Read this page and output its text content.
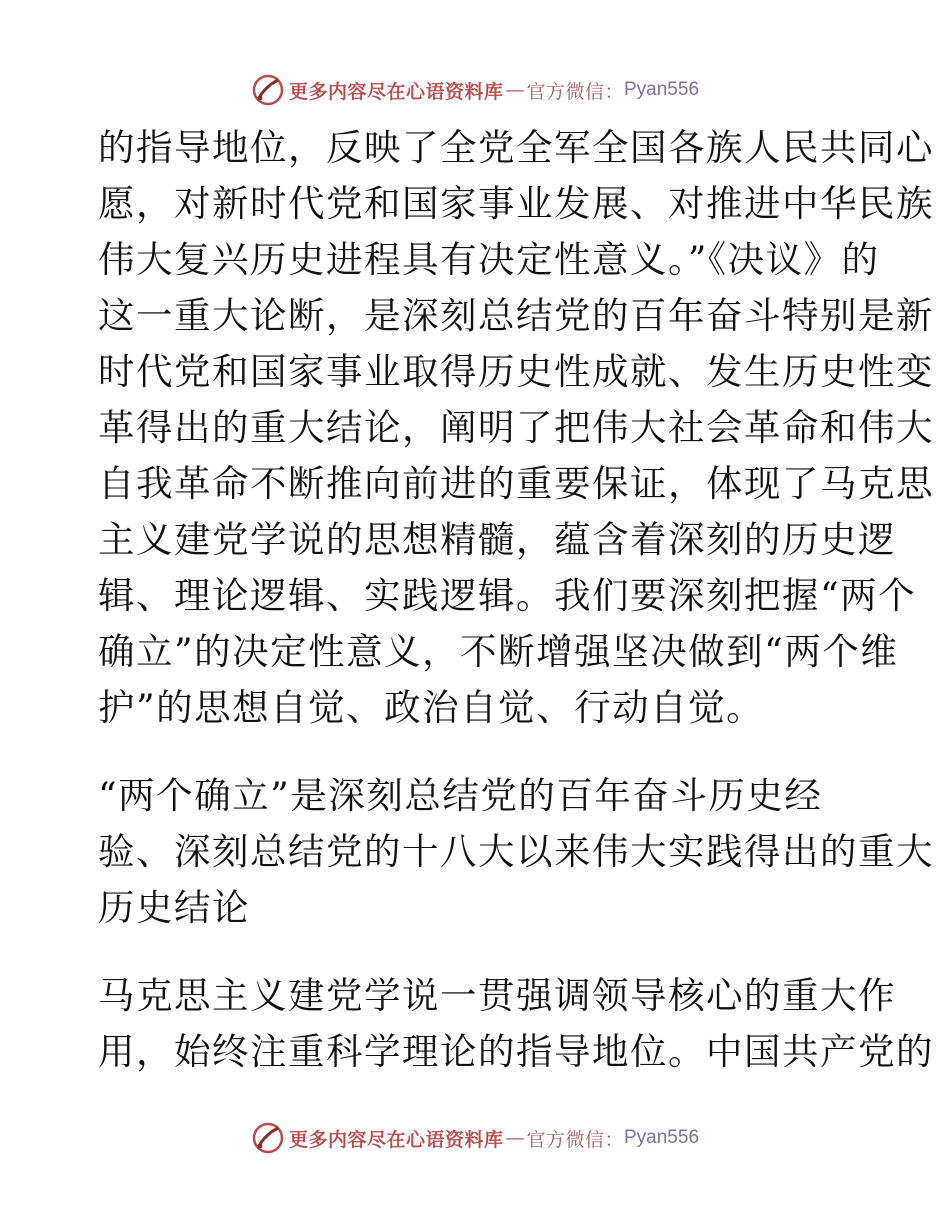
更多内容尽在心语资料库 — 官方微信： Pyan556
的指导地位，反映了全党全军全国各族人民共同心
愿，对新时代党和国家事业发展、对推进中华民族
伟大复兴历史进程具有决定性意义。”《决议》的
这一重大论断，是深刻总结党的百年奋斗特别是新
时代党和国家事业取得历史性成就、发生历史性变
革得出的重大结论，阐明了把伟大社会革命和伟大
自我革命不断推向前进的重要保证，体现了马克思
主义建党学说的思想精髓，蕴含着深刻的历史逻
辑、理论逻辑、实践逻辑。我们要深刻把握“两个
确立”的决定性意义，不断增强坚决做到“两个维
护”的思想自觉、政治自觉、行动自觉。
“两个确立”是深刻总结党的百年奋斗历史经
验、深刻总结党的十八大以来伟大实践得出的重大
历史结论
马克思主义建党学说一贯强调领导核心的重大作
用，始终注重科学理论的指导地位。中国共产党的
更多内容尽在心语资料库 — 官方微信： Pyan556
